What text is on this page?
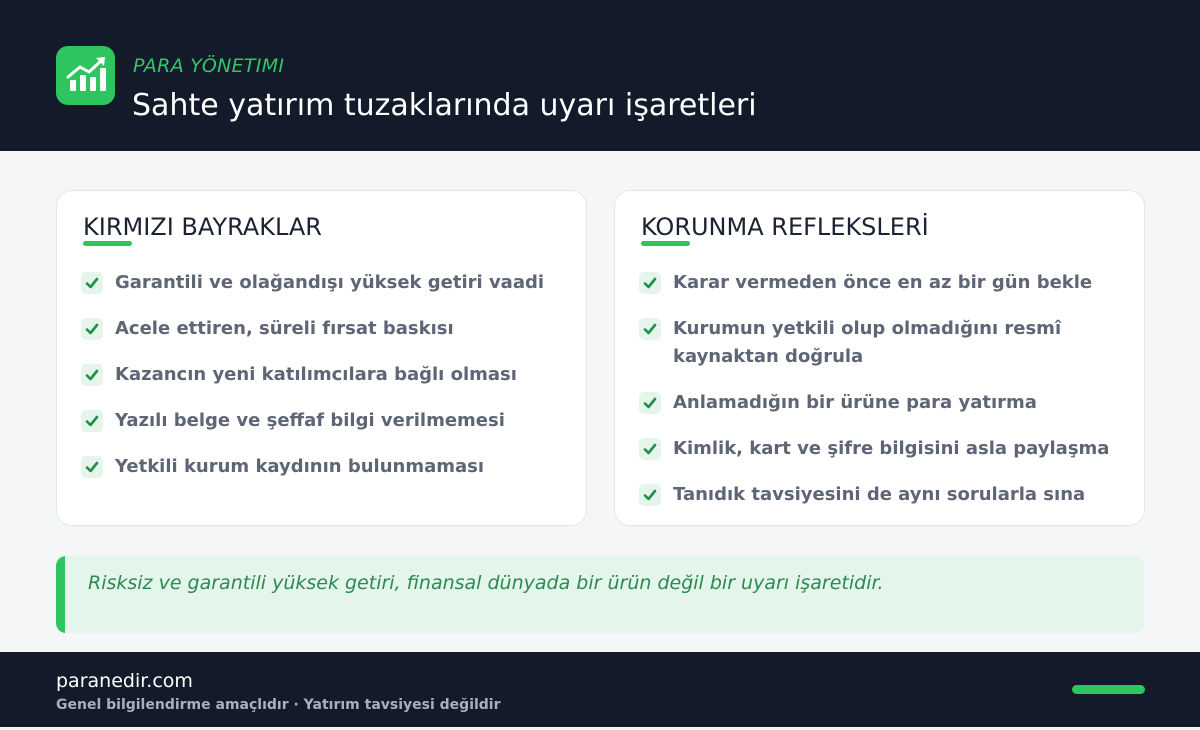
PARA YÖNETIMI
Sahte yatırım tuzaklarında uyarı işaretleri
KIRMIZI BAYRAKLAR
Garantili ve olağandışı yüksek getiri vaadi
Acele ettiren, süreli fırsat baskısı
Kazancın yeni katılımcılara bağlı olması
Yazılı belge ve şeffaf bilgi verilmemesi
Yetkili kurum kaydının bulunmaması
KORUNMA REFLEKSLERİ
Karar vermeden önce en az bir gün bekle
Kurumun yetkili olup olmadığını resmî kaynaktan doğrula
Anlamadığın bir ürüne para yatırma
Kimlik, kart ve şifre bilgisini asla paylaşma
Tanıdık tavsiyesini de aynı sorularla sına
Risksiz ve garantili yüksek getiri, finansal dünyada bir ürün değil bir uyarı işaretidir.
paranedir.com
Genel bilgilendirme amaçlıdır · Yatırım tavsiyesi değildir
